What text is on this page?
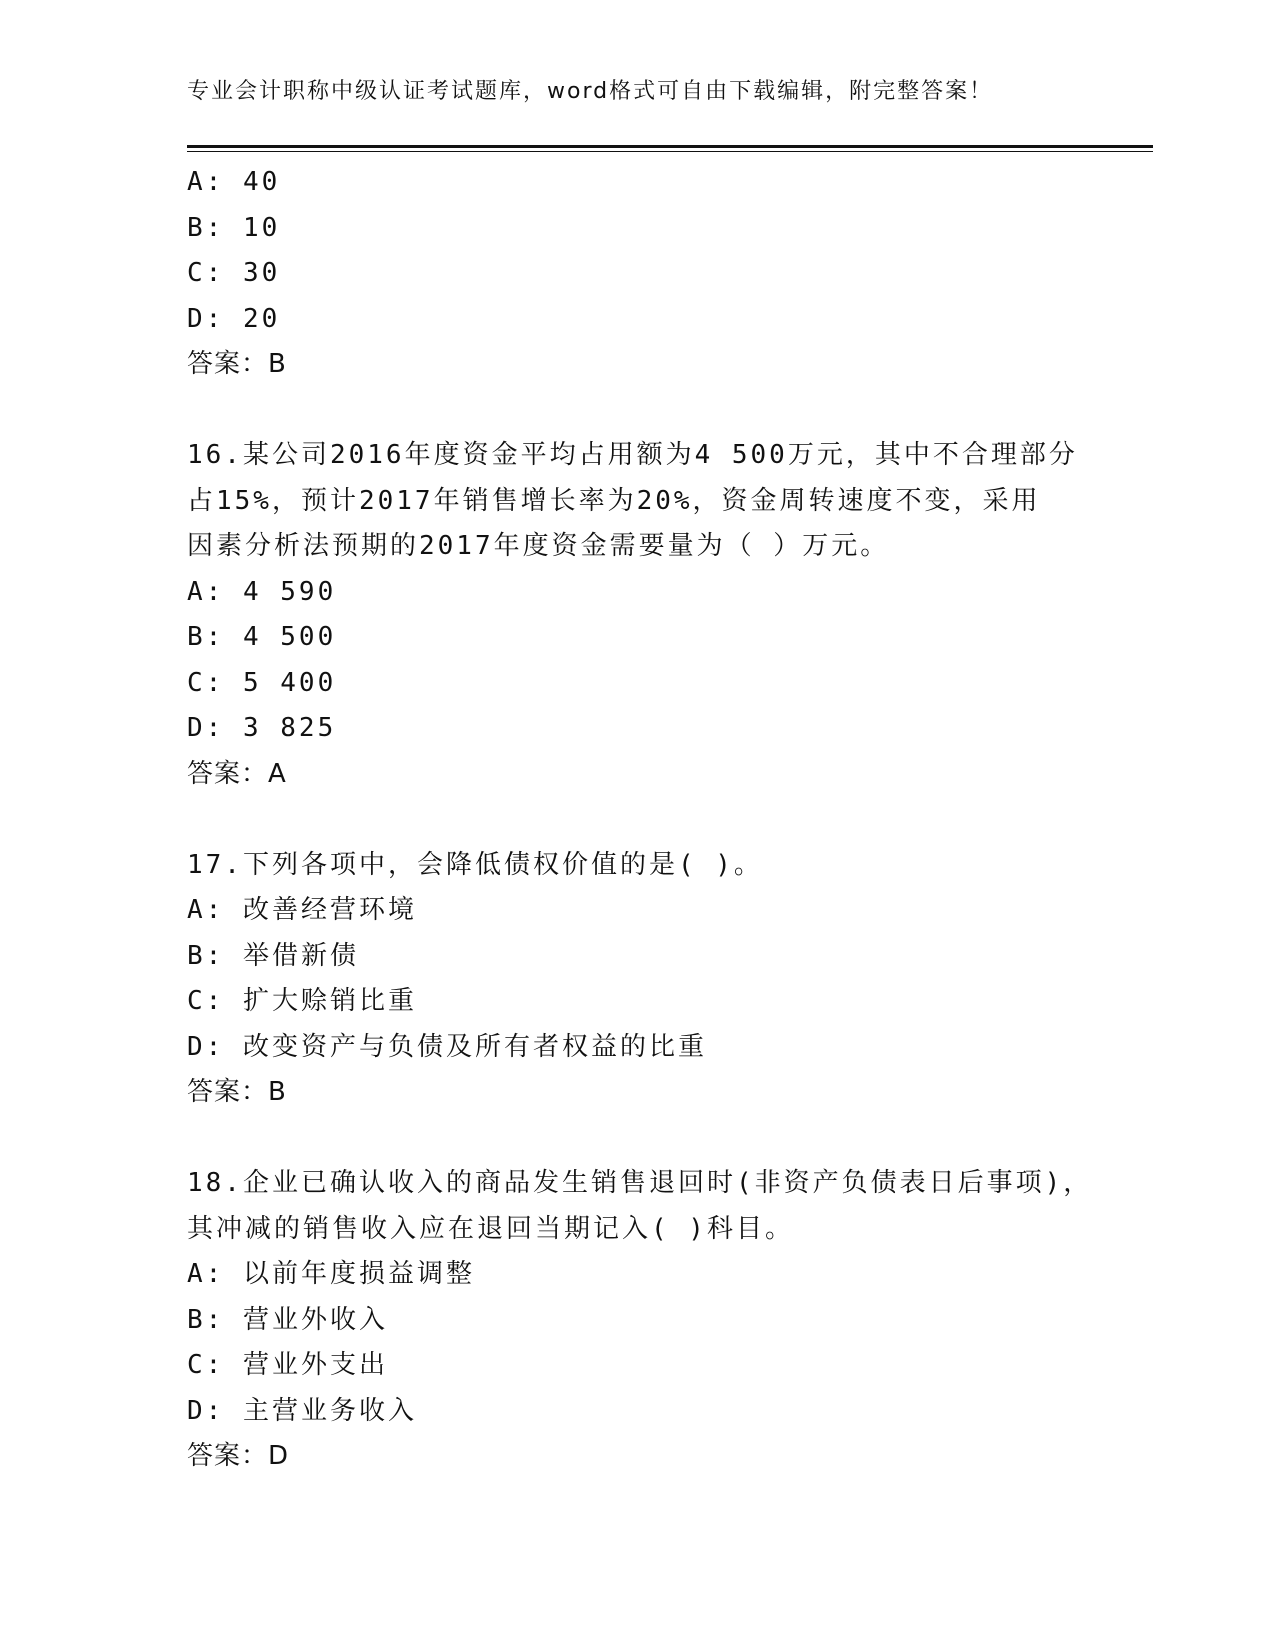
专业会计职称中级认证考试题库，word格式可自由下载编辑，附完整答案！
A: 40
B: 10
C: 30
D: 20
答案：B
16.某公司2016年度资金平均占用额为4 500万元，其中不合理部分
占15%，预计2017年销售增长率为20%，资金周转速度不变，采用
因素分析法预期的2017年度资金需要量为（ ）万元。
A: 4 590
B: 4 500
C: 5 400
D: 3 825
答案：A
17.下列各项中，会降低债权价值的是( )。
A: 改善经营环境
B: 举借新债
C: 扩大赊销比重
D: 改变资产与负债及所有者权益的比重
答案：B
18.企业已确认收入的商品发生销售退回时(非资产负债表日后事项)，
其冲减的销售收入应在退回当期记入( )科目。
A: 以前年度损益调整
B: 营业外收入
C: 营业外支出
D: 主营业务收入
答案：D
